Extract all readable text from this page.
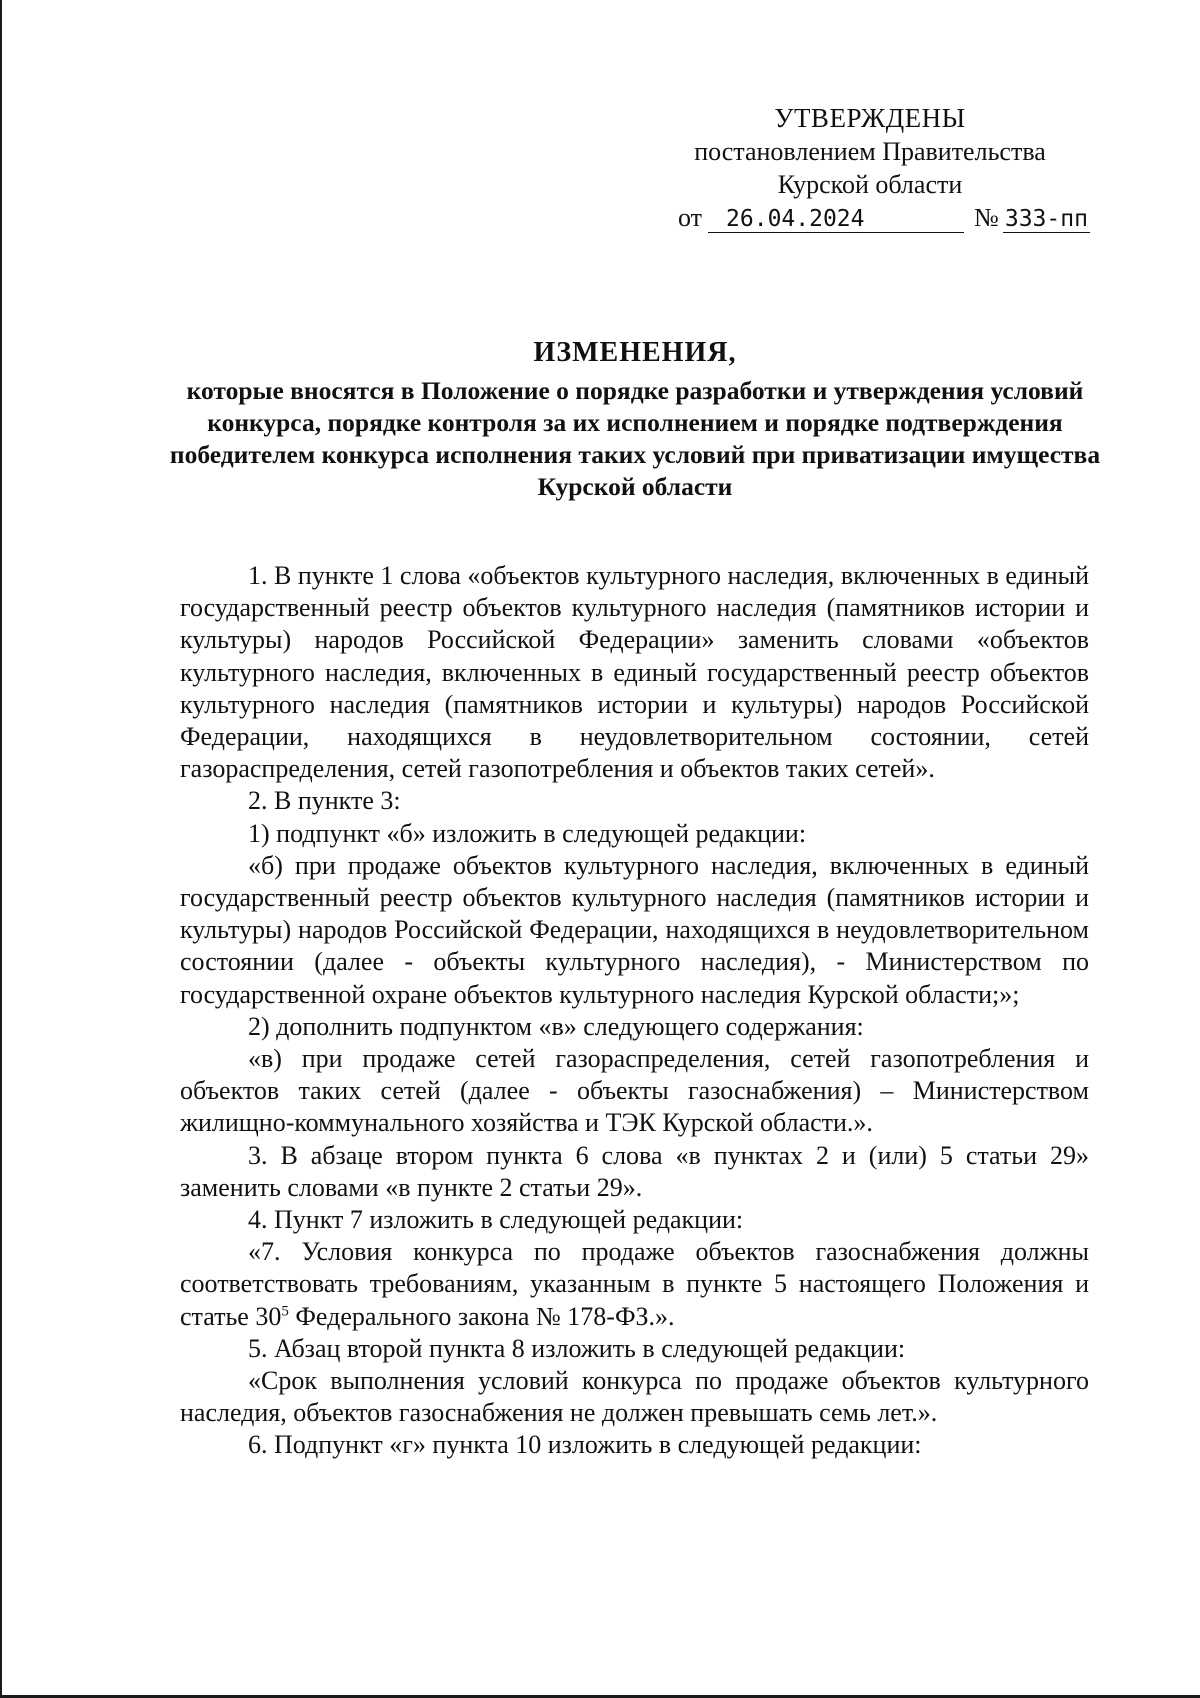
УТВЕРЖДЕНЫ
постановлением Правительства
Курской области
от 26.04.2024	№ 333-пп
ИЗМЕНЕНИЯ,
которые вносятся в Положение о порядке разработки и утверждения условий конкурса, порядке контроля за их исполнением и порядке подтверждения победителем конкурса исполнения таких условий при приватизации имущества Курской области

1. В пункте 1 слова «объектов культурного наследия, включенных в единый государственный реестр объектов культурного наследия (памятников истории и культуры) народов Российской Федерации» заменить словами «объектов культурного наследия, включенных в единый государственный реестр объектов культурного наследия (памятников истории и культуры) народов Российской Федерации, находящихся в неудовлетворительном состоянии, сетей газораспределения, сетей газопотребления и объектов таких сетей».

2. В пункте 3:

1) подпункт «б» изложить в следующей редакции:

«б) при продаже объектов культурного наследия, включенных в единый государственный реестр объектов культурного наследия (памятников истории и культуры) народов Российской Федерации, находящихся в неудовлетворительном состоянии (далее - объекты культурного наследия), - Министерством по государственной охране объектов культурного наследия Курской области;»;

2) дополнить подпунктом «в» следующего содержания:

«в) при продаже сетей газораспределения, сетей газопотребления и объектов таких сетей (далее - объекты газоснабжения) – Министерством жилищно-коммунального хозяйства и ТЭК Курской области.».

3. В абзаце втором пункта 6 слова «в пунктах 2 и (или) 5 статьи 29» заменить словами «в пункте 2 статьи 29».

4. Пункт 7 изложить в следующей редакции:

«7. Условия конкурса по продаже объектов газоснабжения должны соответствовать требованиям, указанным в пункте 5 настоящего Положения и статье $30^5$ Федерального закона № 178-ФЗ.».

5. Абзац второй пункта 8 изложить в следующей редакции:

«Срок выполнения условий конкурса по продаже объектов культурного наследия, объектов газоснабжения не должен превышать семь лет.».

6. Подпункт «г» пункта 10 изложить в следующей редакции:
